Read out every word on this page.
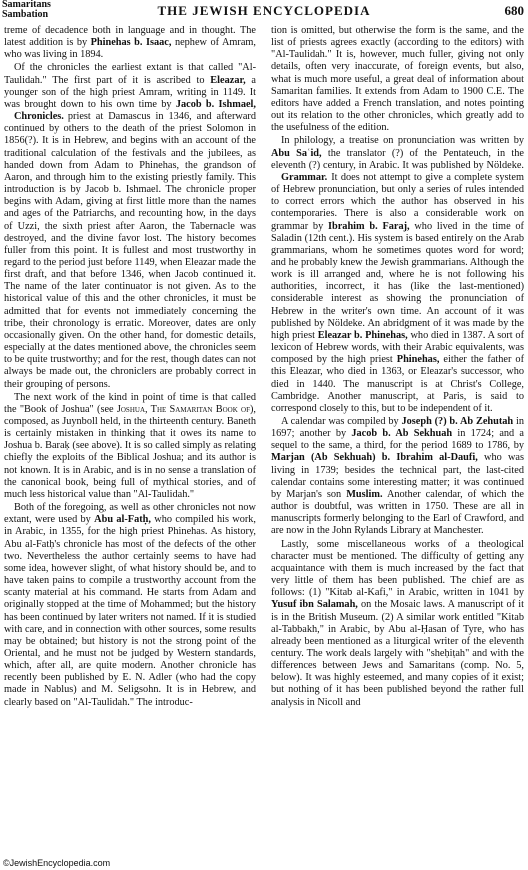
Samaritans
Sambation	THE JEWISH ENCYCLOPEDIA	680

treme of decadence both in language and in thought. The latest addition is by Phinehas b. Isaac, nephew of Amram, who was living in 1894.

Of the chronicles the earliest extant is that called "Al-Taulidah." The first part of it is ascribed to Eleazar, a younger son of the high priest Amram, writing in 1149. It was brought down to his own time by Jacob b. Ishmael, priest at
Chronicles.	Damascus in 1346, and afterward continued by others to the death of the priest Solomon in 1856(?). It is in Hebrew, and begins with an account of the traditional calculation of the festivals and the jubilees, as handed down from Adam to Phinehas, the grandson of Aaron, and through him to the existing priestly family. This introduction is by Jacob b. Ishmael. The chronicle proper begins with Adam, giving at first little more than the names and ages of the Patriarchs, and recounting how, in the days of Uzzi, the sixth priest after Aaron, the Tabernacle was destroyed, and the divine favor lost. The history becomes fuller from this point. It is fullest and most trustworthy in regard to the period just before 1149, when Eleazar made the first draft, and that before 1346, when Jacob continued it. The name of the later continuator is not given. As to the historical value of this and the other chronicles, it must be admitted that for events not immediately concerning the tribe, their chronology is erratic. Moreover, dates are only occasionally given. On the other hand, for domestic details, especially at the dates mentioned above, the chronicles seem to be quite trustworthy; and for the rest, though dates can not always be made out, the chroniclers are probably correct in their grouping of persons.

The next work of the kind in point of time is that called the "Book of Joshua" (see Joshua, The Samaritan Book of), composed, as Juynboll held, in the thirteenth century. Baneth is certainly mistaken in thinking that it owes its name to Joshua b. Baraḳ (see above). It is so called simply as relating chiefly the exploits of the Biblical Joshua; and its author is not known. It is in Arabic, and is in no sense a translation of the canonical book, being full of mythical stories, and of much less historical value than "Al-Taulidah."

Both of the foregoing, as well as other chronicles not now extant, were used by Abu al-Fatḥ, who compiled his work, in Arabic, in 1355, for the high priest Phinehas. As history, Abu al-Fatḥ's chronicle has most of the defects of the other two. Nevertheless the author certainly seems to have had some idea, however slight, of what history should be, and to have taken pains to compile a trustworthy account from the scanty material at his command. He starts from Adam and originally stopped at the time of Mohammed; but the history has been continued by later writers not named. If it is studied with care, and in connection with other sources, some results may be obtained; but history is not the strong point of the Oriental, and he must not be judged by Western standards, which, after all, are quite modern. Another chronicle has recently been published by E. N. Adler (who had the copy made in Nablus) and M. Seligsohn. It is in Hebrew, and clearly based on "Al-Taulidah." The introduc-

tion is omitted, but otherwise the form is the same, and the list of priests agrees exactly (according to the editors) with "Al-Taulidah." It is, however, much fuller, giving not only details, often very inaccurate, of foreign events, but also, what is much more useful, a great deal of information about Samaritan families. It extends from Adam to 1900 C.E. The editors have added a French translation, and notes pointing out its relation to the other chronicles, which greatly add to the usefulness of the edition.

In philology, a treatise on pronunciation was written by Abu Saʿid, the translator (?) of the Pentateuch, in the eleventh (?) century, in Arabic. It was published by Nöldeke. It does
Grammar.	not attempt to give a complete system of Hebrew pronunciation, but only a series of rules intended to correct errors which the author has observed in his contemporaries. There is also a considerable work on grammar by Ibrahim b. Faraj, who lived in the time of Saladin (12th cent.). His system is based entirely on the Arab grammarians, whom he sometimes quotes word for word; and he probably knew the Jewish grammarians. Although the work is ill arranged and, where he is not following his authorities, incorrect, it has (like the last-mentioned) considerable interest as showing the pronunciation of Hebrew in the writer's own time. An account of it was published by Nöldeke. An abridgment of it was made by the high priest Eleazar b. Phinehas, who died in 1387. A sort of lexicon of Hebrew words, with their Arabic equivalents, was composed by the high priest Phinehas, either the father of this Eleazar, who died in 1363, or Eleazar's successor, who died in 1440. The manuscript is at Christ's College, Cambridge. Another manuscript, at Paris, is said to correspond closely to this, but to be independent of it.

A calendar was compiled by Joseph (?) b. Ab Zehutah in 1697; another by Jacob b. Ab Sekhuah in 1724; and a sequel to the same, a third, for the period 1689 to 1786, by Marjan (Ab Sekhuah) b. Ibrahim al-Daufi, who was living in 1739; besides the technical part, the last-cited calendar contains some interesting matter; it was continued by Marjan's son Muslim. Another calendar, of which the author is doubtful, was written in 1750. These are all in manuscripts formerly belonging to the Earl of Crawford, and are now in the John Rylands Library at Manchester.

Lastly, some miscellaneous works of a theological character must be mentioned. The difficulty of getting any acquaintance with them is much increased by the fact that very little of them has been published. The chief are as follows: (1) "Kitab al-Kafi," in Arabic, written in 1041 by Yusuf ibn Salamah, on the Mosaic laws. A manuscript of it is in the British Museum. (2) A similar work entitled "Kitab al-Tabbakh," in Arabic, by Abu al-Ḥasan of Tyre, who has already been mentioned as a liturgical writer of the eleventh century. The work deals largely with "sheḥiṭah" and with the differences between Jews and Samaritans (comp. No. 5, below). It was highly esteemed, and many copies of it exist; but nothing of it has been published beyond the rather full analysis in Nicoll and

©JewishEncyclopedia.com
